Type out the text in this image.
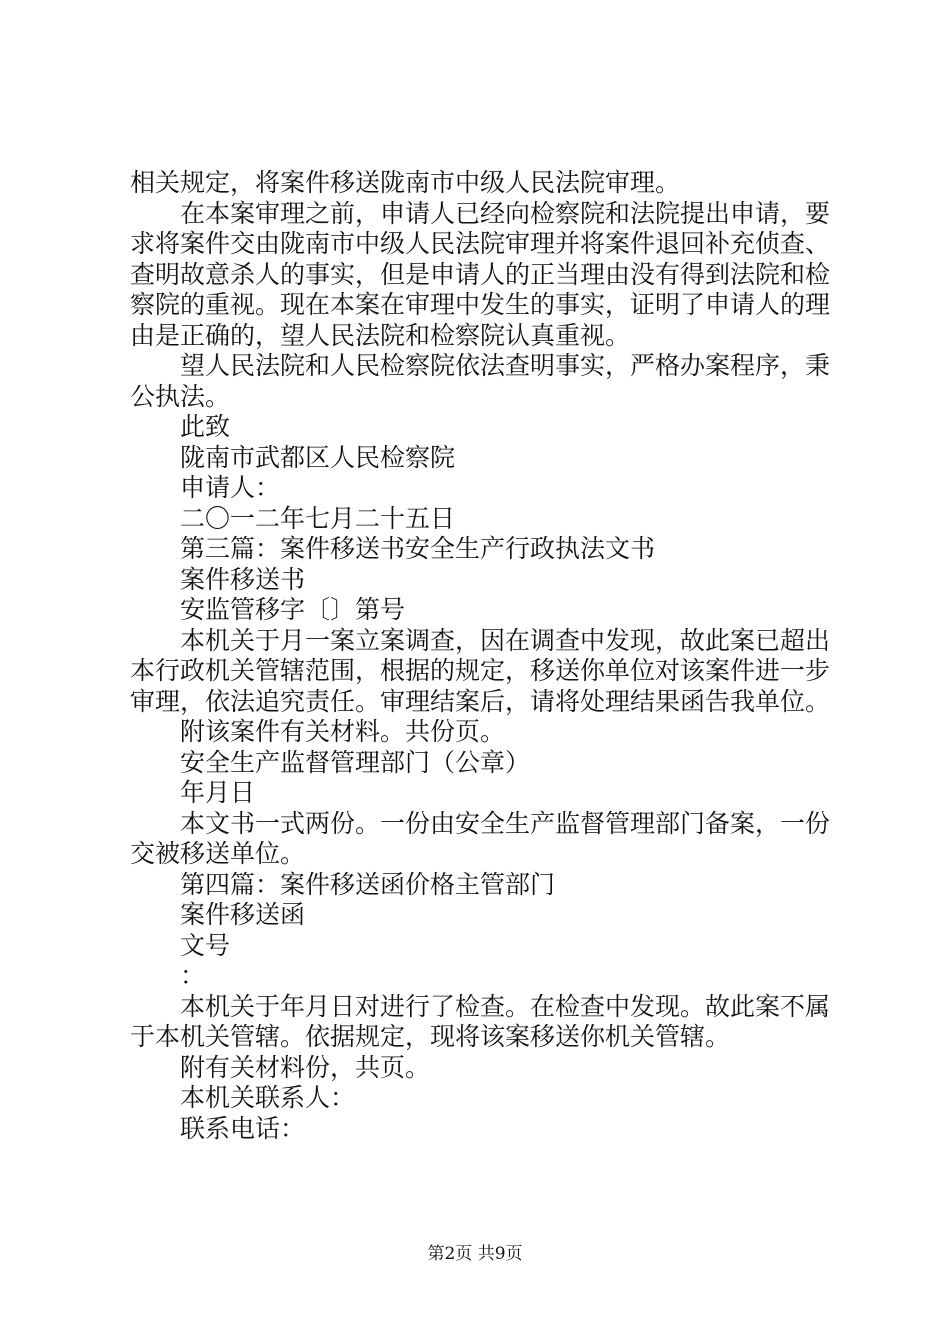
相关规定，将案件移送陇南市中级人民法院审理。

在本案审理之前，申请人已经向检察院和法院提出申请，要求将案件交由陇南市中级人民法院审理并将案件退回补充侦查、查明故意杀人的事实，但是申请人的正当理由没有得到法院和检察院的重视。现在本案在审理中发生的事实，证明了申请人的理由是正确的，望人民法院和检察院认真重视。

望人民法院和人民检察院依法查明事实，严格办案程序，秉公执法。

此致

陇南市武都区人民检察院

申请人：

二〇一二年七月二十五日

第三篇：案件移送书安全生产行政执法文书

案件移送书

安监管移字〔〕第号

本机关于月一案立案调查，因在调查中发现，故此案已超出本行政机关管辖范围，根据的规定，移送你单位对该案件进一步审理，依法追究责任。审理结案后，请将处理结果函告我单位。

附该案件有关材料。共份页。

安全生产监督管理部门（公章）

年月日

本文书一式两份。一份由安全生产监督管理部门备案，一份交被移送单位。

第四篇：案件移送函价格主管部门

案件移送函

文号

：

本机关于年月日对进行了检查。在检查中发现。故此案不属于本机关管辖。依据规定，现将该案移送你机关管辖。

附有关材料份，共页。

本机关联系人：

联系电话：

第2页 共9页
